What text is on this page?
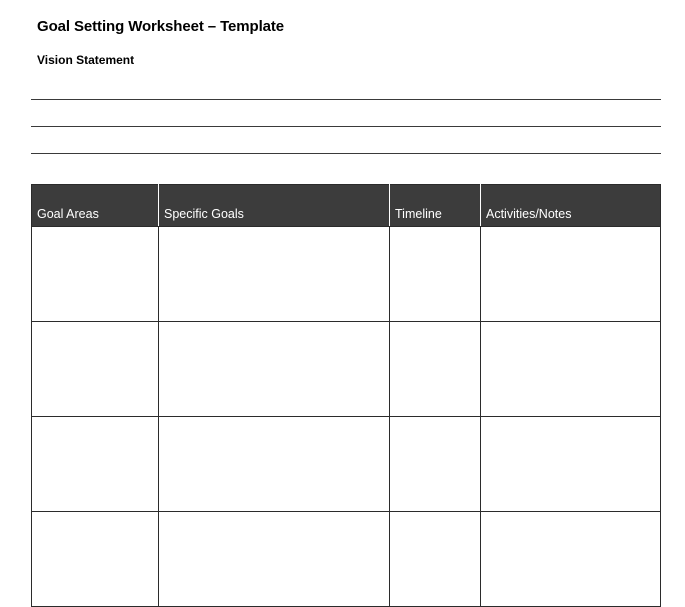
Goal Setting Worksheet – Template
Vision Statement
Goal Areas	Specific Goals	Timeline	Activities/Notes
